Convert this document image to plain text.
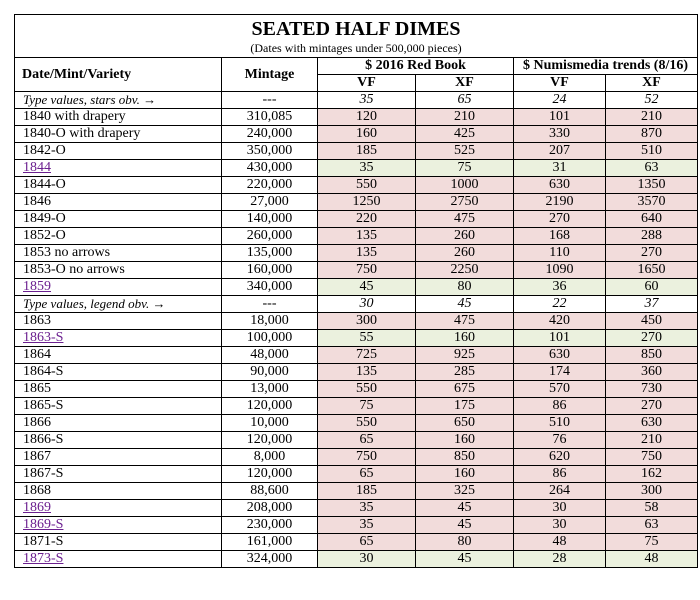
SEATED HALF DIMES
(Dates with mintages under 500,000 pieces)					

Date/Mint/Variety	Mintage	$ 2016 Red Book		$ Numismedia trends (8/16)	
		VF	XF	VF	XF
Type values, stars obv. →	---	35	65	24	52
1840 with drapery	310,085	120	210	101	210
1840-O with drapery	240,000	160	425	330	870
1842-O	350,000	185	525	207	510
1844	430,000	35	75	31	63
1844-O	220,000	550	1000	630	1350
1846	27,000	1250	2750	2190	3570
1849-O	140,000	220	475	270	640
1852-O	260,000	135	260	168	288
1853 no arrows	135,000	135	260	110	270
1853-O no arrows	160,000	750	2250	1090	1650
1859	340,000	45	80	36	60
Type values, legend obv. →	---	30	45	22	37
1863	18,000	300	475	420	450
1863-S	100,000	55	160	101	270
1864	48,000	725	925	630	850
1864-S	90,000	135	285	174	360
1865	13,000	550	675	570	730
1865-S	120,000	75	175	86	270
1866	10,000	550	650	510	630
1866-S	120,000	65	160	76	210
1867	8,000	750	850	620	750
1867-S	120,000	65	160	86	162
1868	88,600	185	325	264	300
1869	208,000	35	45	30	58
1869-S	230,000	35	45	30	63
1871-S	161,000	65	80	48	75
1873-S	324,000	30	45	28	48
